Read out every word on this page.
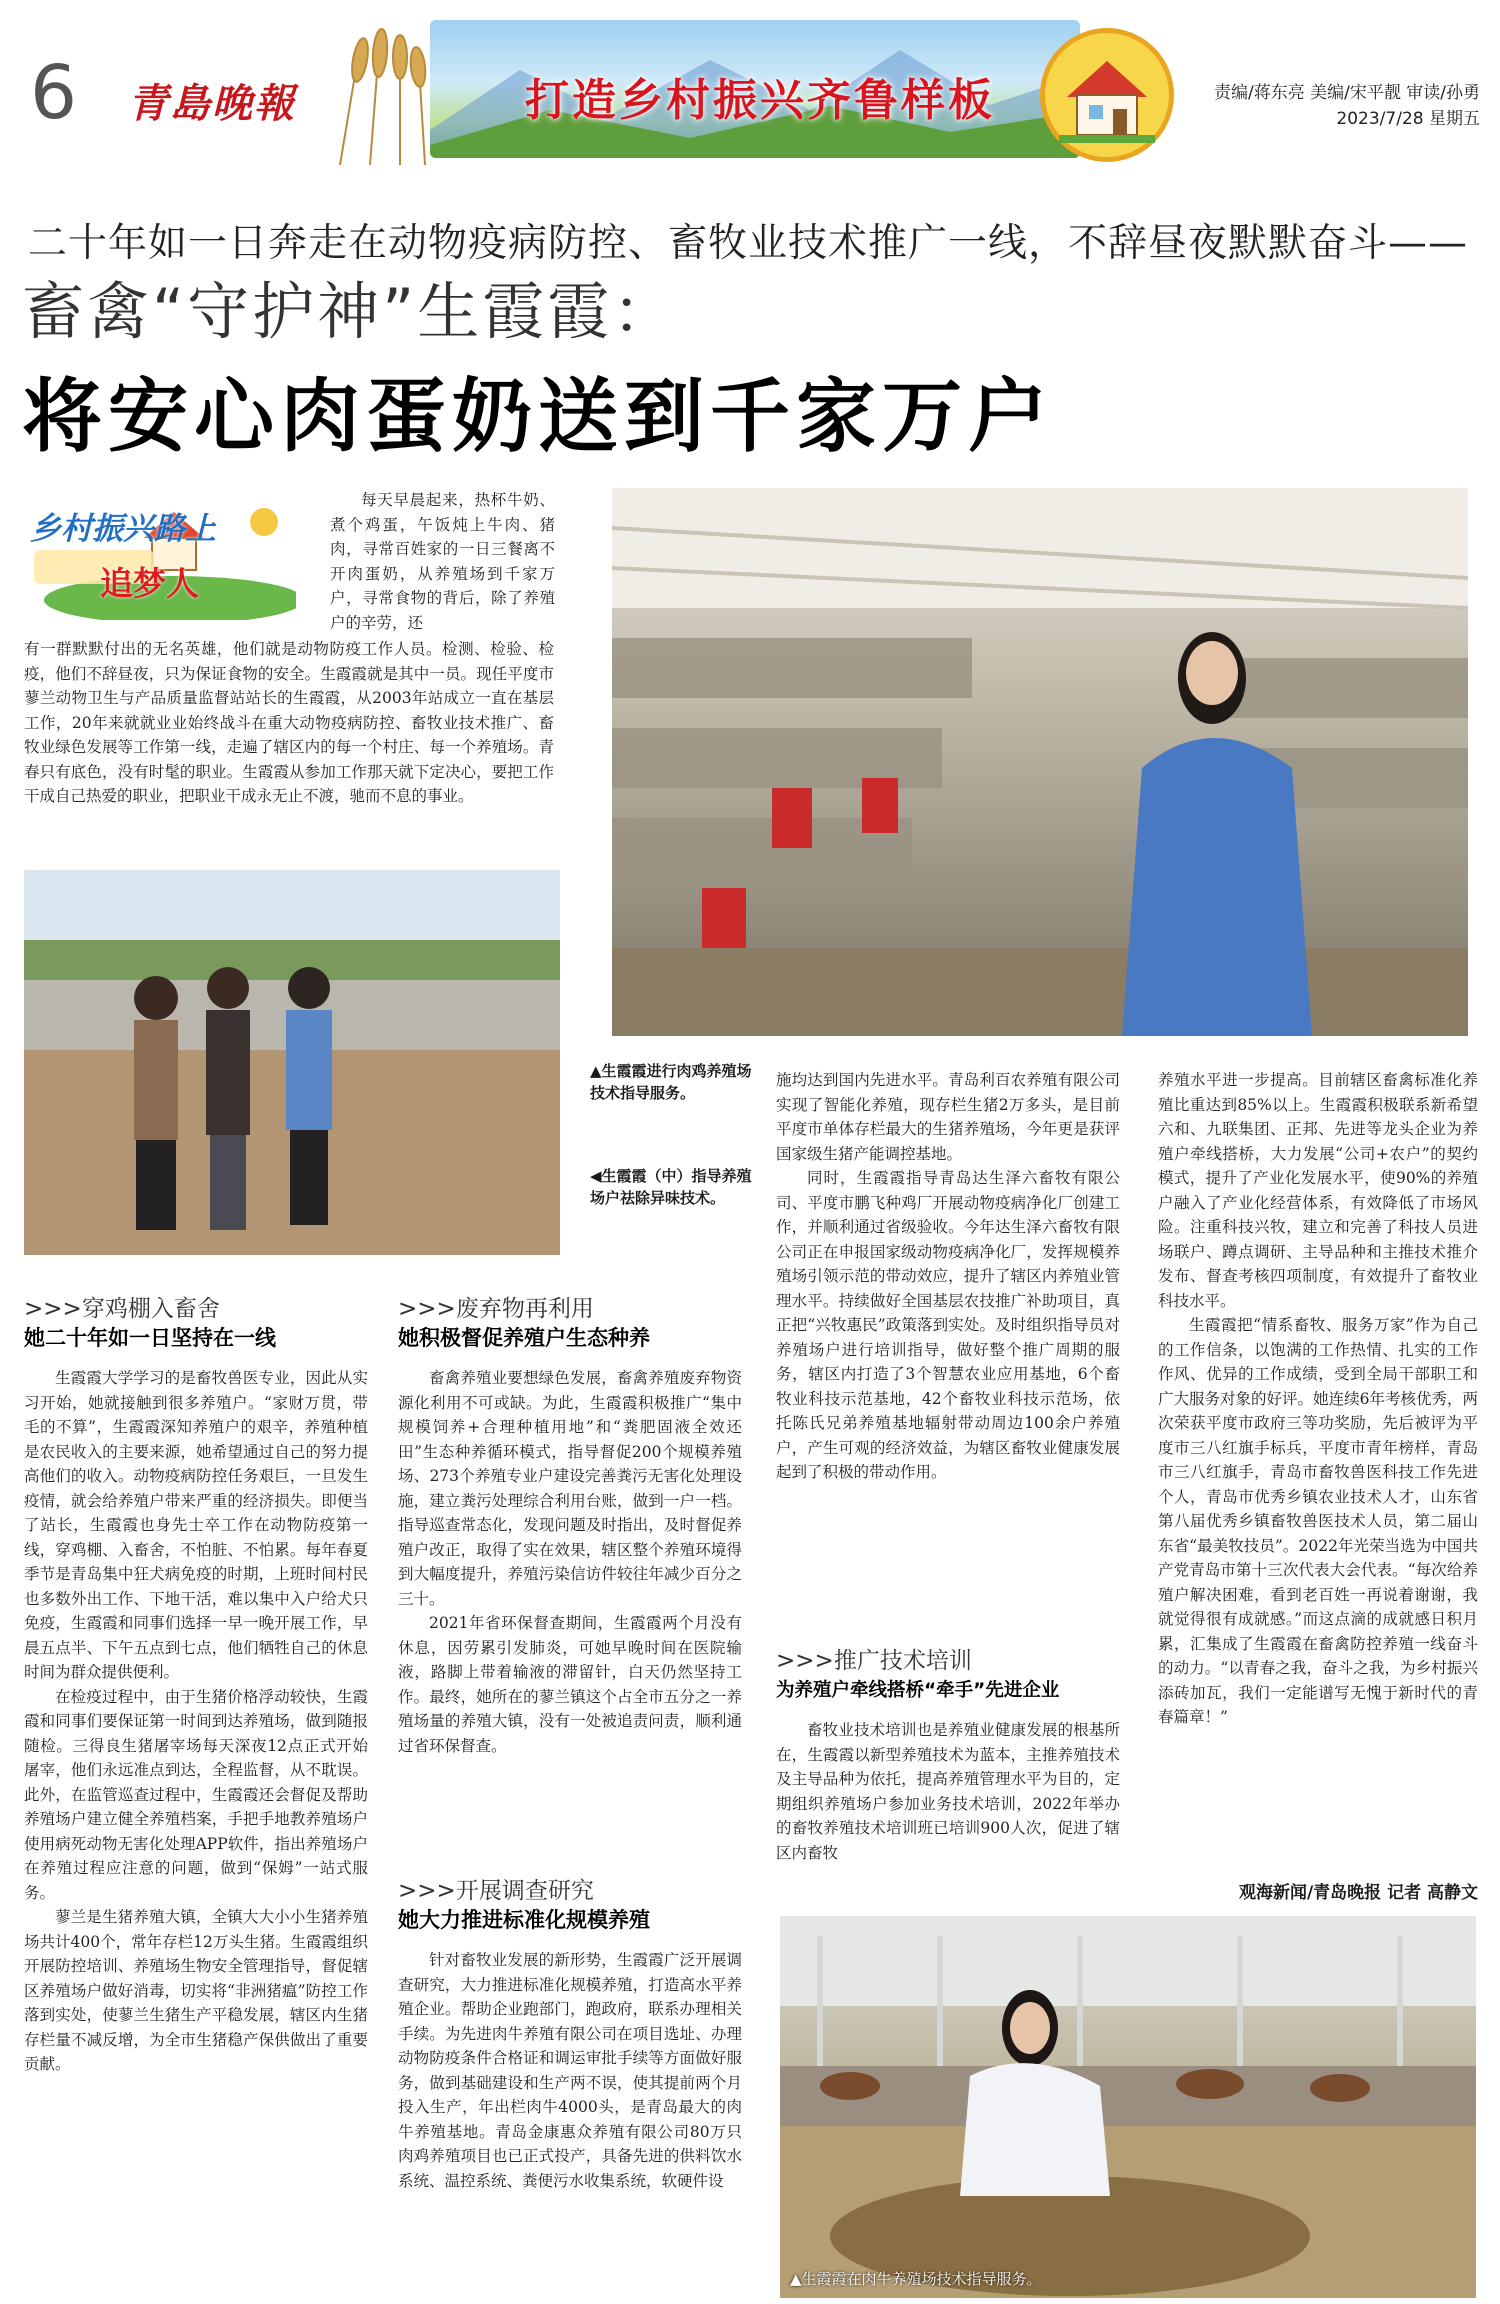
6 青島晚報	打造乡村振兴齐鲁样板	责编/蒋东亮 美编/宋平靓 审读/孙勇
2023/7/28 星期五
二十年如一日奔走在动物疫病防控、畜牧业技术推广一线，不辞昼夜默默奋斗——
畜禽“守护神”生霞霞：
将安心肉蛋奶送到千家万户
乡村振兴路上
追梦人

每天早晨起来，热杯牛奶、煮个鸡蛋，午饭炖上牛肉、猪肉，寻常百姓家的一日三餐离不开肉蛋奶，从养殖场到千家万户，寻常食物的背后，除了养殖户的辛劳，还

有一群默默付出的无名英雄，他们就是动物防疫工作人员。检测、检验、检疫，他们不辞昼夜，只为保证食物的安全。生霞霞就是其中一员。现任平度市蓼兰动物卫生与产品质量监督站站长的生霞霞，从2003年站成立一直在基层工作，20年来就就业业始终战斗在重大动物疫病防控、畜牧业技术推广、畜牧业绿色发展等工作第一线，走遍了辖区内的每一个村庄、每一个养殖场。青春只有底色，没有时髦的职业。生霞霞从参加工作那天就下定决心，要把工作干成自己热爱的职业，把职业干成永无止不渡，驰而不息的事业。

▲生霞霞进行肉鸡养殖场技术指导服务。
◀生霞霞（中）指导养殖场户祛除异味技术。
▲生霞霞在肉牛养殖场技术指导服务。
>>>穿鸡棚入畜舍
她二十年如一日坚持在一线

生霞霞大学学习的是畜牧兽医专业，因此从实习开始，她就接触到很多养殖户。“家财万贯，带毛的不算”，生霞霞深知养殖户的艰辛，养殖种植是农民收入的主要来源，她希望通过自己的努力提高他们的收入。动物疫病防控任务艰巨，一旦发生疫情，就会给养殖户带来严重的经济损失。即便当了站长，生霞霞也身先士卒工作在动物防疫第一线，穿鸡棚、入畜舍，不怕脏、不怕累。每年春夏季节是青岛集中狂犬病免疫的时期，上班时间村民也多数外出工作、下地干活，难以集中入户给犬只免疫，生霞霞和同事们选择一早一晚开展工作，早晨五点半、下午五点到七点，他们牺牲自己的休息时间为群众提供便利。

在检疫过程中，由于生猪价格浮动较快，生霞霞和同事们要保证第一时间到达养殖场，做到随报随检。三得良生猪屠宰场每天深夜12点正式开始屠宰，他们永远准点到达，全程监督，从不耽误。此外，在监管巡查过程中，生霞霞还会督促及帮助养殖场户建立健全养殖档案，手把手地教养殖场户使用病死动物无害化处理APP软件，指出养殖场户在养殖过程应注意的问题，做到“保姆”一站式服务。

蓼兰是生猪养殖大镇，全镇大大小小生猪养殖场共计400个，常年存栏12万头生猪。生霞霞组织开展防控培训、养殖场生物安全管理指导，督促辖区养殖场户做好消毒，切实将“非洲猪瘟”防控工作落到实处，使蓼兰生猪生产平稳发展，辖区内生猪存栏量不减反增，为全市生猪稳产保供做出了重要贡献。

>>>废弃物再利用
她积极督促养殖户生态种养

畜禽养殖业要想绿色发展，畜禽养殖废弃物资源化利用不可或缺。为此，生霞霞积极推广“集中规模饲养+合理种植用地”和“粪肥固液全效还田”生态种养循环模式，指导督促200个规模养殖场、273个养殖专业户建设完善粪污无害化处理设施，建立粪污处理综合利用台账，做到一户一档。指导巡查常态化，发现问题及时指出，及时督促养殖户改正，取得了实在效果，辖区整个养殖环境得到大幅度提升，养殖污染信访件较往年减少百分之三十。

2021年省环保督查期间，生霞霞两个月没有休息，因劳累引发肺炎，可她早晚时间在医院输液，路脚上带着输液的滞留针，白天仍然坚持工作。最终，她所在的蓼兰镇这个占全市五分之一养殖场量的养殖大镇，没有一处被追责问责，顺利通过省环保督查。

>>>开展调查研究
她大力推进标准化规模养殖

针对畜牧业发展的新形势，生霞霞广泛开展调查研究，大力推进标准化规模养殖，打造高水平养殖企业。帮助企业跑部门，跑政府，联系办理相关手续。为先进肉牛养殖有限公司在项目选址、办理动物防疫条件合格证和调运审批手续等方面做好服务，做到基础建设和生产两不误，使其提前两个月投入生产，年出栏肉牛4000头，是青岛最大的肉牛养殖基地。青岛金康惠众养殖有限公司80万只肉鸡养殖项目也已正式投产，具备先进的供料饮水系统、温控系统、粪便污水收集系统，软硬件设

施均达到国内先进水平。青岛利百农养殖有限公司实现了智能化养殖，现存栏生猪2万多头，是目前平度市单体存栏最大的生猪养殖场，今年更是获评国家级生猪产能调控基地。

同时，生霞霞指导青岛达生泽六畜牧有限公司、平度市鹏飞种鸡厂开展动物疫病净化厂创建工作，并顺利通过省级验收。今年达生泽六畜牧有限公司正在申报国家级动物疫病净化厂，发挥规模养殖场引领示范的带动效应，提升了辖区内养殖业管理水平。持续做好全国基层农技推广补助项目，真正把“兴牧惠民”政策落到实处。及时组织指导员对养殖场户进行培训指导，做好整个推广周期的服务，辖区内打造了3个智慧农业应用基地，6个畜牧业科技示范基地，42个畜牧业科技示范场，依托陈氏兄弟养殖基地辐射带动周边100余户养殖户，产生可观的经济效益，为辖区畜牧业健康发展起到了积极的带动作用。

>>>推广技术培训
为养殖户牵线搭桥“牵手”先进企业

畜牧业技术培训也是养殖业健康发展的根基所在，生霞霞以新型养殖技术为蓝本，主推养殖技术及主导品种为依托，提高养殖管理水平为目的，定期组织养殖场户参加业务技术培训，2022年举办的畜牧养殖技术培训班已培训900人次，促进了辖区内畜牧

养殖水平进一步提高。目前辖区畜禽标准化养殖比重达到85%以上。生霞霞积极联系新希望六和、九联集团、正邦、先进等龙头企业为养殖户牵线搭桥，大力发展“公司+农户”的契约模式，提升了产业化发展水平，使90%的养殖户融入了产业化经营体系，有效降低了市场风险。注重科技兴牧，建立和完善了科技人员进场联户、蹲点调研、主导品种和主推技术推介发布、督查考核四项制度，有效提升了畜牧业科技水平。

生霞霞把“情系畜牧、服务万家”作为自己的工作信条，以饱满的工作热情、扎实的工作作风、优异的工作成绩，受到全局干部职工和广大服务对象的好评。她连续6年考核优秀，两次荣获平度市政府三等功奖励，先后被评为平度市三八红旗手标兵，平度市青年榜样，青岛市三八红旗手，青岛市畜牧兽医科技工作先进个人，青岛市优秀乡镇农业技术人才，山东省第八届优秀乡镇畜牧兽医技术人员，第二届山东省“最美牧技员”。2022年光荣当选为中国共产党青岛市第十三次代表大会代表。“每次给养殖户解决困难，看到老百姓一再说着谢谢，我就觉得很有成就感。”而这点滴的成就感日积月累，汇集成了生霞霞在畜禽防控养殖一线奋斗的动力。“以青春之我，奋斗之我，为乡村振兴添砖加瓦，我们一定能谱写无愧于新时代的青春篇章！”

观海新闻/青岛晚报 记者 高静文
